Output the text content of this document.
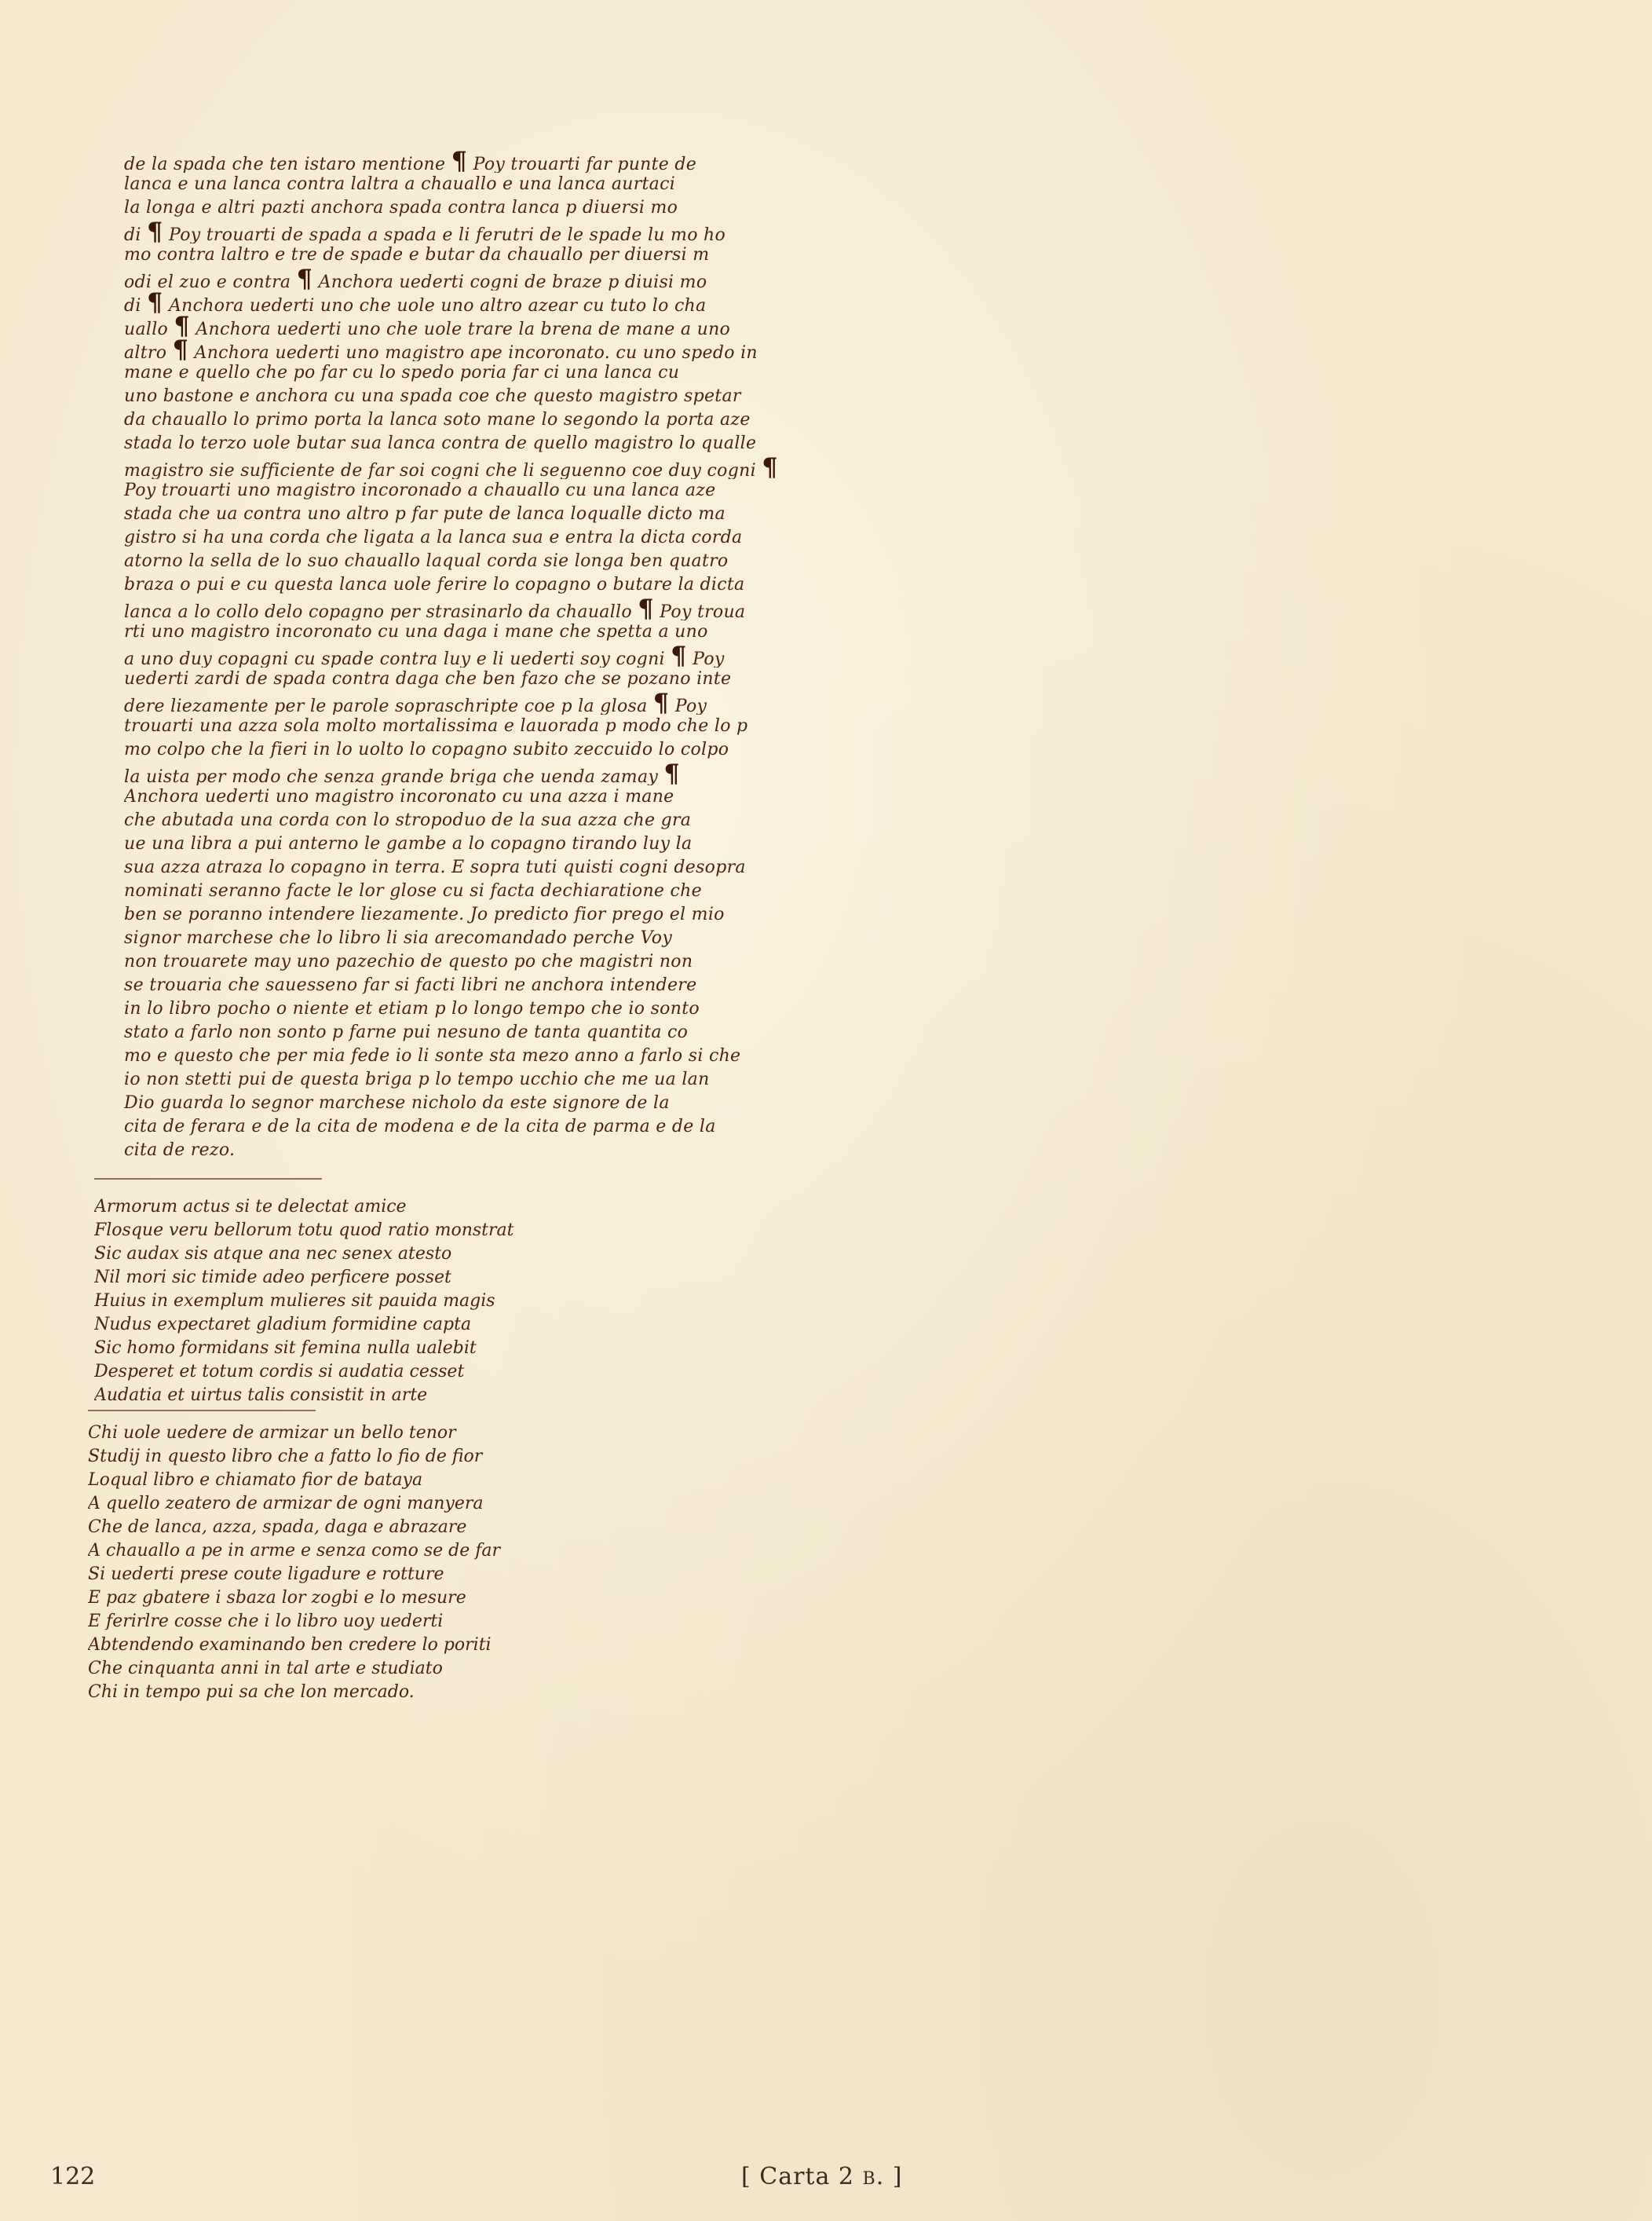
de la spada che ten istaro mentione ¶ Poy trouarti far punte de
lanca e una lanca contra laltra a chauallo e una lanca aurtaci
la longa e altri pazti anchora spada contra lanca p diuersi mo
di ¶ Poy trouarti de spada a spada e li ferutri de le spade lu mo ho
mo contra laltro e tre de spade e butar da chauallo per diuersi m
odi el zuo e contra ¶ Anchora uederti cogni de braze p diuisi mo
di ¶ Anchora uederti uno che uole uno altro azear cu tuto lo cha
uallo ¶ Anchora uederti uno che uole trare la brena de mane a uno
altro ¶ Anchora uederti uno magistro ape incoronato. cu uno spedo in
mane e quello che po far cu lo spedo poria far ci una lanca cu
uno bastone e anchora cu una spada coe che questo magistro spetar
da chauallo lo primo porta la lanca soto mane lo segondo la porta aze
stada lo terzo uole butar sua lanca contra de quello magistro lo qualle
magistro sie sufficiente de far soi cogni che li seguenno coe duy cogni ¶
Poy trouarti uno magistro incoronado a chauallo cu una lanca aze
stada che ua contra uno altro p far pute de lanca loqualle dicto ma
gistro si ha una corda che ligata a la lanca sua e entra la dicta corda
atorno la sella de lo suo chauallo laqual corda sie longa ben quatro
braza o pui e cu questa lanca uole ferire lo copagno o butare la dicta
lanca a lo collo delo copagno per strasinarlo da chauallo ¶ Poy troua
rti uno magistro incoronato cu una daga i mane che spetta a uno
a uno duy copagni cu spade contra luy e li uederti soy cogni ¶ Poy
uederti zardi de spada contra daga che ben fazo che se pozano inte
dere liezamente per le parole sopraschripte coe p la glosa ¶ Poy
trouarti una azza sola molto mortalissima e lauorada p modo che lo p
mo colpo che la fieri in lo uolto lo copagno subito zeccuido lo colpo
la uista per modo che senza grande briga che uenda zamay ¶
Anchora uederti uno magistro incoronato cu una azza i mane
che abutada una corda con lo stropoduo de la sua azza che gra
ue una libra a pui anterno le gambe a lo copagno tirando luy la
sua azza atraza lo copagno in terra. E sopra tuti quisti cogni desopra
nominati seranno facte le lor glose cu si facta dechiaratione che
ben se poranno intendere liezamente. Jo predicto fior prego el mio
signor marchese che lo libro li sia arecomandado perche Voy
non trouarete may uno pazechio de questo po che magistri non
se trouaria che sauesseno far si facti libri ne anchora intendere
in lo libro pocho o niente et etiam p lo longo tempo che io sonto
stato a farlo non sonto p farne pui nesuno de tanta quantita co
mo e questo che per mia fede io li sonte sta mezo anno a farlo si che
io non stetti pui de questa briga p lo tempo ucchio che me ua lan
Dio guarda lo segnor marchese nicholo da este signore de la
cita de ferara e de la cita de modena e de la cita de parma e de la
cita de rezo.
Armorum actus si te delectat amice
Flosque veru bellorum totu quod ratio monstrat
Sic audax sis atque ana nec senex atesto
Nil mori sic timide adeo perficere posset
Huius in exemplum mulieres sit pauida magis
Nudus expectaret gladium formidine capta
Sic homo formidans sit femina nulla ualebit
Desperet et totum cordis si audatia cesset
Audatia et uirtus talis consistit in arte
Chi uole uedere de armizar un bello tenor
Studij in questo libro che a fatto lo fio de fior
Loqual libro e chiamato fior de bataya
A quello zeatero de armizar de ogni manyera
Che de lanca, azza, spada, daga e abrazare
A chauallo a pe in arme e senza como se de far
Si uederti prese coute ligadure e rotture
E paz gbatere i sbaza lor zogbi e lo mesure
E ferirlre cosse che i lo libro uoy uederti
Abtendendo examinando ben credere lo poriti
Che cinquanta anni in tal arte e studiato
Chi in tempo pui sa che lon mercado.
122	[ Carta 2 B. ]
